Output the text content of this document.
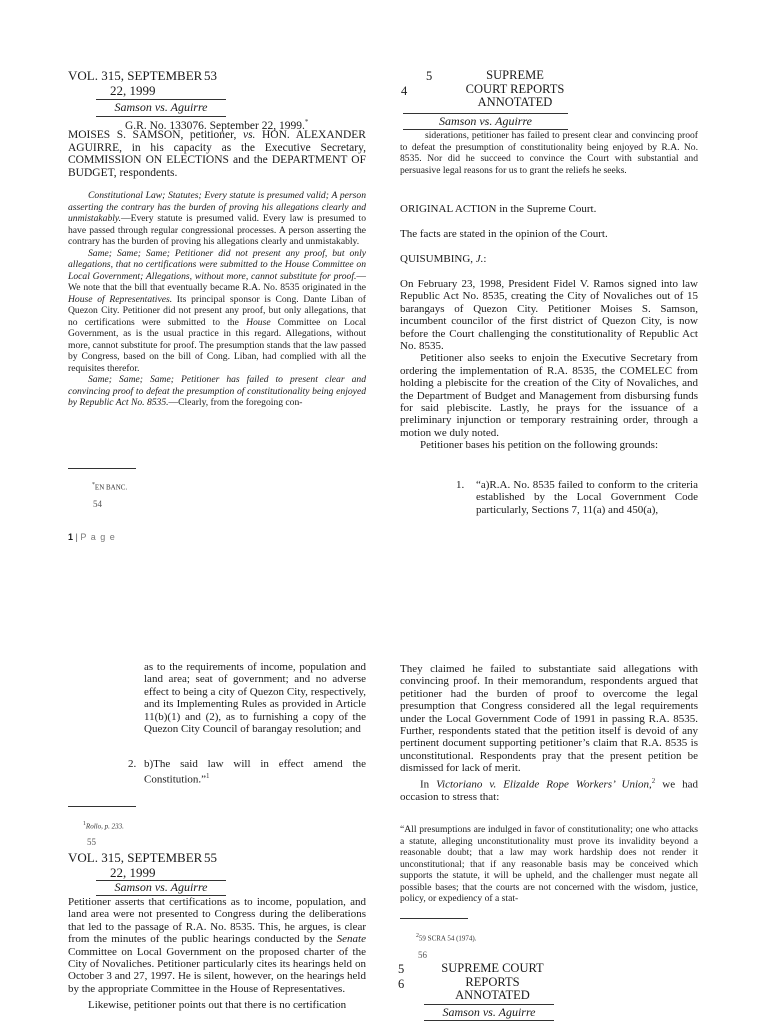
VOL. 315, SEPTEMBER 53
22, 1999
Samson vs. Aguirre
G.R. No. 133076. September 22, 1999.*
MOISES S. SAMSON, petitioner, vs. HON. ALEXANDER AGUIRRE, in his capacity as the Executive Secretary, COMMISSION ON ELECTIONS and the DEPARTMENT OF BUDGET, respondents.

Constitutional Law; Statutes; Every statute is presumed valid; A person asserting the contrary has the burden of proving his allegations clearly and unmistakably.—Every statute is presumed valid. Every law is presumed to have passed through regular congressional processes. A person asserting the contrary has the burden of proving his allegations clearly and unmistakably.

Same; Same; Same; Petitioner did not present any proof, but only allegations, that no certifications were submitted to the House Committee on Local Government; Allegations, without more, cannot substitute for proof.—We note that the bill that eventually became R.A. No. 8535 originated in the House of Representatives. Its principal sponsor is Cong. Dante Liban of Quezon City. Petitioner did not present any proof, but only allegations, that no certifications were submitted to the House Committee on Local Government, as is the usual practice in this regard. Allegations, without more, cannot substitute for proof. The presumption stands that the law passed by Congress, based on the bill of Cong. Liban, had complied with all the requisites therefor.

Same; Same; Same; Petitioner has failed to present clear and convincing proof to defeat the presumption of constitutionality being enjoyed by Republic Act No. 8535.—Clearly, from the foregoing con-

*EN BANC.
54
5
4
SUPREME
COURT REPORTS
ANNOTATED
Samson vs. Aguirre
siderations, petitioner has failed to present clear and convincing proof to defeat the presumption of constitutionality being enjoyed by R.A. No. 8535. Nor did he succeed to convince the Court with substantial and persuasive legal reasons for us to grant the reliefs he seeks.
ORIGINAL ACTION in the Supreme Court.
The facts are stated in the opinion of the Court.
QUISUMBING, J.:

On February 23, 1998, President Fidel V. Ramos signed into law Republic Act No. 8535, creating the City of Novaliches out of 15 barangays of Quezon City. Petitioner Moises S. Samson, incumbent councilor of the first district of Quezon City, is now before the Court challenging the constitutionality of Republic Act No. 8535.

Petitioner also seeks to enjoin the Executive Secretary from ordering the implementation of R.A. 8535, the COMELEC from holding a plebiscite for the creation of the City of Novaliches, and the Department of Budget and Management from disbursing funds for said plebiscite. Lastly, he prays for the issuance of a preliminary injunction or temporary restraining order, through a motion we duly noted.

Petitioner bases his petition on the following grounds:

1. “a)R.A. No. 8535 failed to conform to the criteria established by the Local Government Code particularly, Sections 7, 11(a) and 450(a),
1 | P a g e
as to the requirements of income, population and land area; seat of government; and no adverse effect to being a city of Quezon City, respectively, and its Implementing Rules as provided in Article 11(b)(1) and (2), as to furnishing a copy of the Quezon City Council of barangay resolution; and
2. b)The said law will in effect amend the Constitution.”$^1$
$^1$Rollo, p. 233.
55
VOL. 315, SEPTEMBER 55
22, 1999
Samson vs. Aguirre

Petitioner asserts that certifications as to income, population, and land area were not presented to Congress during the deliberations that led to the passage of R.A. No. 8535. This, he argues, is clear from the minutes of the public hearings conducted by the Senate Committee on Local Government on the proposed charter of the City of Novaliches. Petitioner particularly cites its hearings held on October 3 and 27, 1997. He is silent, however, on the hearings held by the appropriate Committee in the House of Representatives.

Likewise, petitioner points out that there is no certification

They claimed he failed to substantiate said allegations with convincing proof. In their memorandum, respondents argued that petitioner had the burden of proof to overcome the legal presumption that Congress considered all the legal requirements under the Local Government Code of 1991 in passing R.A. 8535. Further, respondents stated that the petition itself is devoid of any pertinent document supporting petitioner’s claim that R.A. 8535 is unconstitutional. Respondents pray that the present petition be dismissed for lack of merit.

In Victoriano v. Elizalde Rope Workers’ Union,$^2$ we had occasion to stress that:

“All presumptions are indulged in favor of constitutionality; one who attacks a statute, alleging unconstitutionality must prove its invalidity beyond a reasonable doubt; that a law may work hardship does not render it unconstitutional; that if any reasonable basis may be conceived which supports the statute, it will be upheld, and the challenger must negate all possible bases; that the courts are not concerned with the wisdom, justice, policy, or expediency of a stat-
$^2$59 SCRA 54 (1974).
56
5
6
SUPREME COURT
REPORTS
ANNOTATED
Samson vs. Aguirre
